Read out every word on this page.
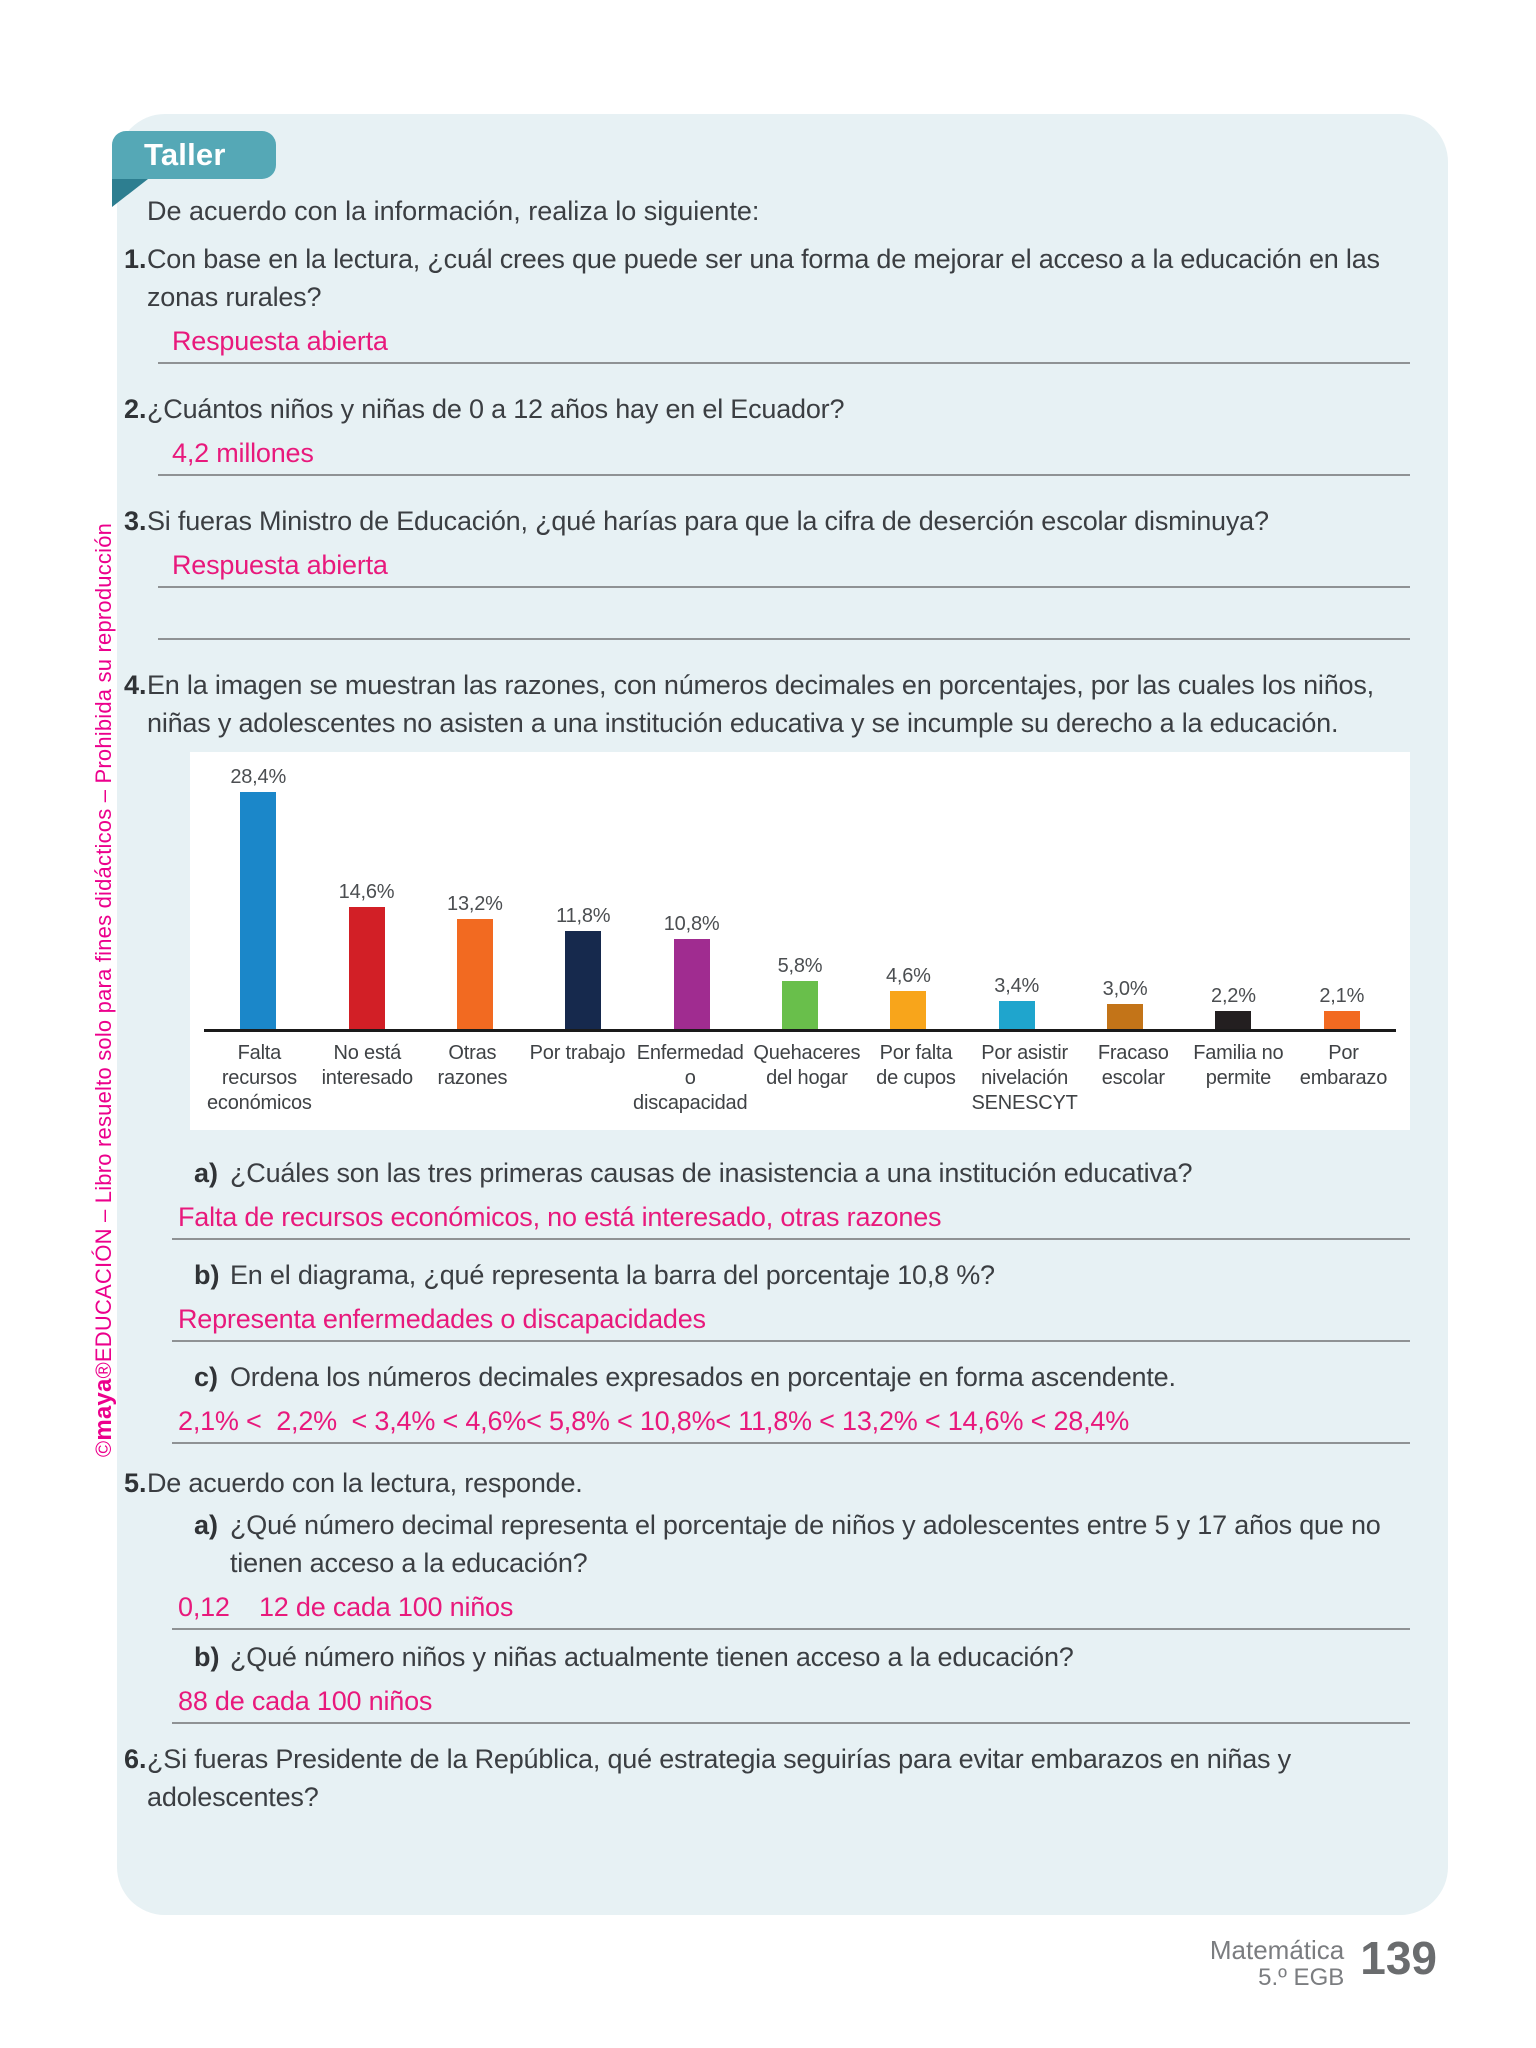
Taller
De acuerdo con la información, realiza lo siguiente:
1. Con base en la lectura, ¿cuál crees que puede ser una forma de mejorar el acceso a la educación en las zonas rurales?
Respuesta abierta
2. ¿Cuántos niños y niñas de 0 a 12 años hay en el Ecuador?
4,2 millones
3. Si fueras Ministro de Educación, ¿qué harías para que la cifra de deserción escolar disminuya?
Respuesta abierta
4. En la imagen se muestran las razones, con números decimales en porcentajes, por las cuales los niños, niñas y adolescentes no asisten a una institución educativa y se incumple su derecho a la educación.
28,4%
14,6%
13,2%
11,8%	10,8%
5,8%	4,6%	3,4%	3,0%	2,2%	2,1%
Falta recursos económicos
No está interesado
Otras razones
Por trabajo Enfermedad o discapacidad
Quehaceres del hogar
Por falta de cupos
Por asistir nivelación SENESCYT
Fracaso escolar
Familia no permite
Por embarazo
a) ¿Cuáles son las tres primeras causas de inasistencia a una institución educativa?
Falta de recursos económicos, no está interesado, otras razones
b) En el diagrama, ¿qué representa la barra del porcentaje 10,8 %?
Representa enfermedades o discapacidades
c) Ordena los números decimales expresados en porcentaje en forma ascendente.
2,1% <  2,2%  < 3,4% < 4,6%< 5,8% < 10,8%< 11,8% < 13,2% < 14,6% < 28,4%
5. De acuerdo con la lectura, responde.
a) ¿Qué número decimal representa el porcentaje de niños y adolescentes entre 5 y 17 años que no tienen acceso a la educación?
0,12    12 de cada 100 niños
b) ¿Qué número niños y niñas actualmente tienen acceso a la educación?
88 de cada 100 niños
6. ¿Si fueras Presidente de la República, qué estrategia seguirías para evitar embarazos en niñas y adolescentes?
©maya®EDUCACIÓN – Libro resuelto solo para fines didácticos – Prohibida su reproducción
Matemática
5.º EGB 139
